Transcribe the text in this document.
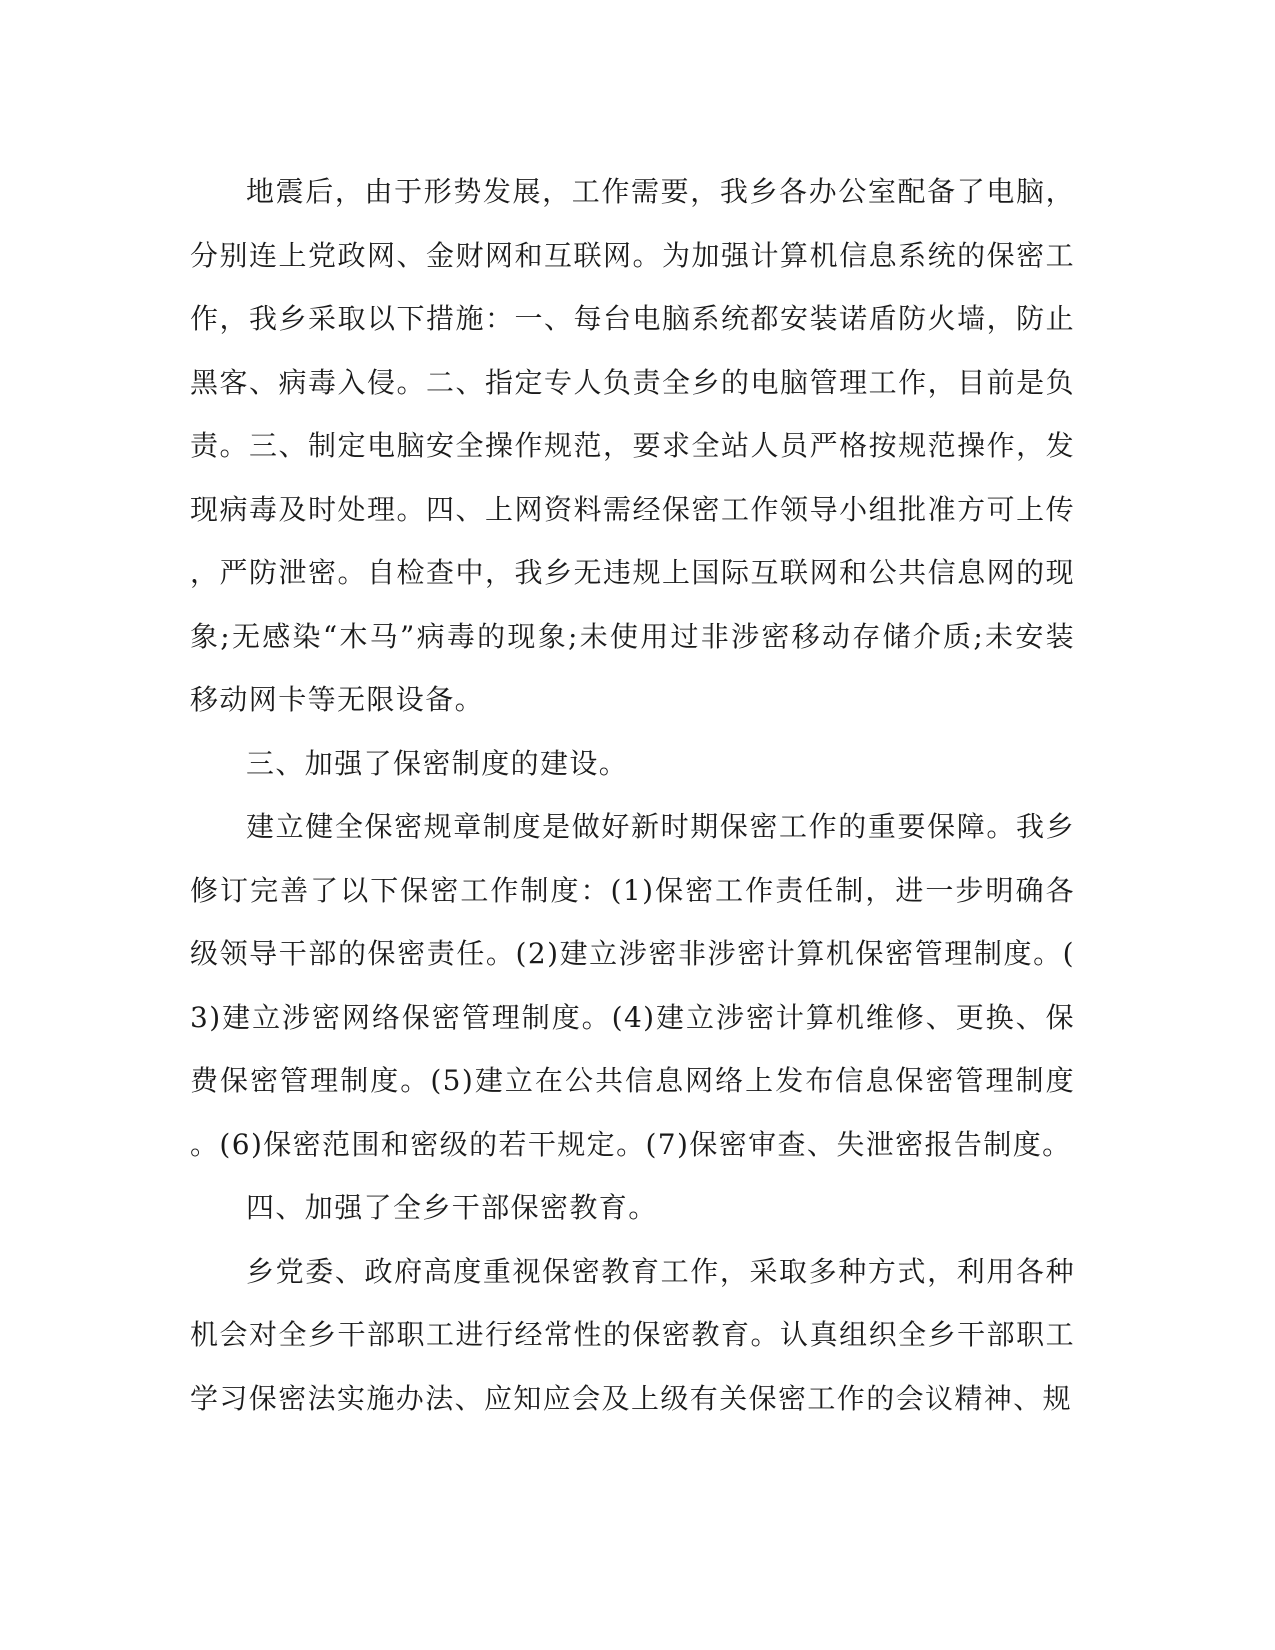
地震后，由于形势发展，工作需要，我乡各办公室配备了电脑，分别连上党政网、金财网和互联网。为加强计算机信息系统的保密工作，我乡采取以下措施：一、每台电脑系统都安装诺盾防火墙，防止黑客、病毒入侵。二、指定专人负责全乡的电脑管理工作，目前是负责。三、制定电脑安全操作规范，要求全站人员严格按规范操作，发现病毒及时处理。四、上网资料需经保密工作领导小组批准方可上传，严防泄密。自检查中，我乡无违规上国际互联网和公共信息网的现象;无感染“木马”病毒的现象;未使用过非涉密移动存储介质;未安装移动网卡等无限设备。

三、加强了保密制度的建设。

建立健全保密规章制度是做好新时期保密工作的重要保障。我乡修订完善了以下保密工作制度：(1)保密工作责任制，进一步明确各级领导干部的保密责任。(2)建立涉密非涉密计算机保密管理制度。(3)建立涉密网络保密管理制度。(4)建立涉密计算机维修、更换、保费保密管理制度。(5)建立在公共信息网络上发布信息保密管理制度。(6)保密范围和密级的若干规定。(7)保密审查、失泄密报告制度。

四、加强了全乡干部保密教育。

乡党委、政府高度重视保密教育工作，采取多种方式，利用各种机会对全乡干部职工进行经常性的保密教育。认真组织全乡干部职工学习保密法实施办法、应知应会及上级有关保密工作的会议精神、规
